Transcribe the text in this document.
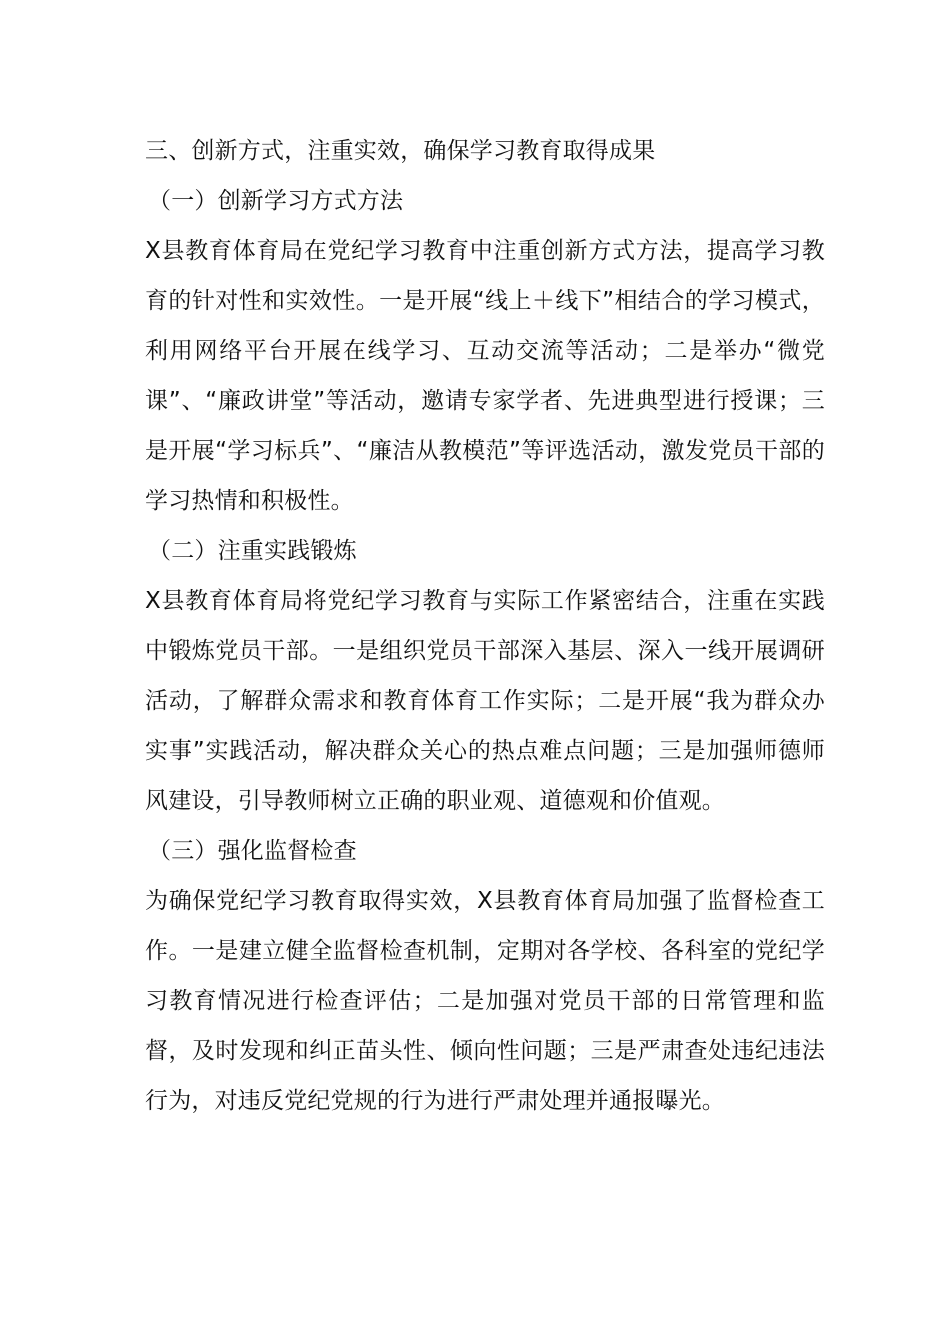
三、创新方式，注重实效，确保学习教育取得成果

（一）创新学习方式方法

X县教育体育局在党纪学习教育中注重创新方式方法，提高学习教育的针对性和实效性。一是开展“线上＋线下”相结合的学习模式，利用网络平台开展在线学习、互动交流等活动；二是举办“微党课”、“廉政讲堂”等活动，邀请专家学者、先进典型进行授课；三是开展“学习标兵”、“廉洁从教模范”等评选活动，激发党员干部的学习热情和积极性。

（二）注重实践锻炼

X县教育体育局将党纪学习教育与实际工作紧密结合，注重在实践中锻炼党员干部。一是组织党员干部深入基层、深入一线开展调研活动，了解群众需求和教育体育工作实际；二是开展“我为群众办实事”实践活动，解决群众关心的热点难点问题；三是加强师德师风建设，引导教师树立正确的职业观、道德观和价值观。

（三）强化监督检查

为确保党纪学习教育取得实效，X县教育体育局加强了监督检查工作。一是建立健全监督检查机制，定期对各学校、各科室的党纪学习教育情况进行检查评估；二是加强对党员干部的日常管理和监督，及时发现和纠正苗头性、倾向性问题；三是严肃查处违纪违法行为，对违反党纪党规的行为进行严肃处理并通报曝光。
